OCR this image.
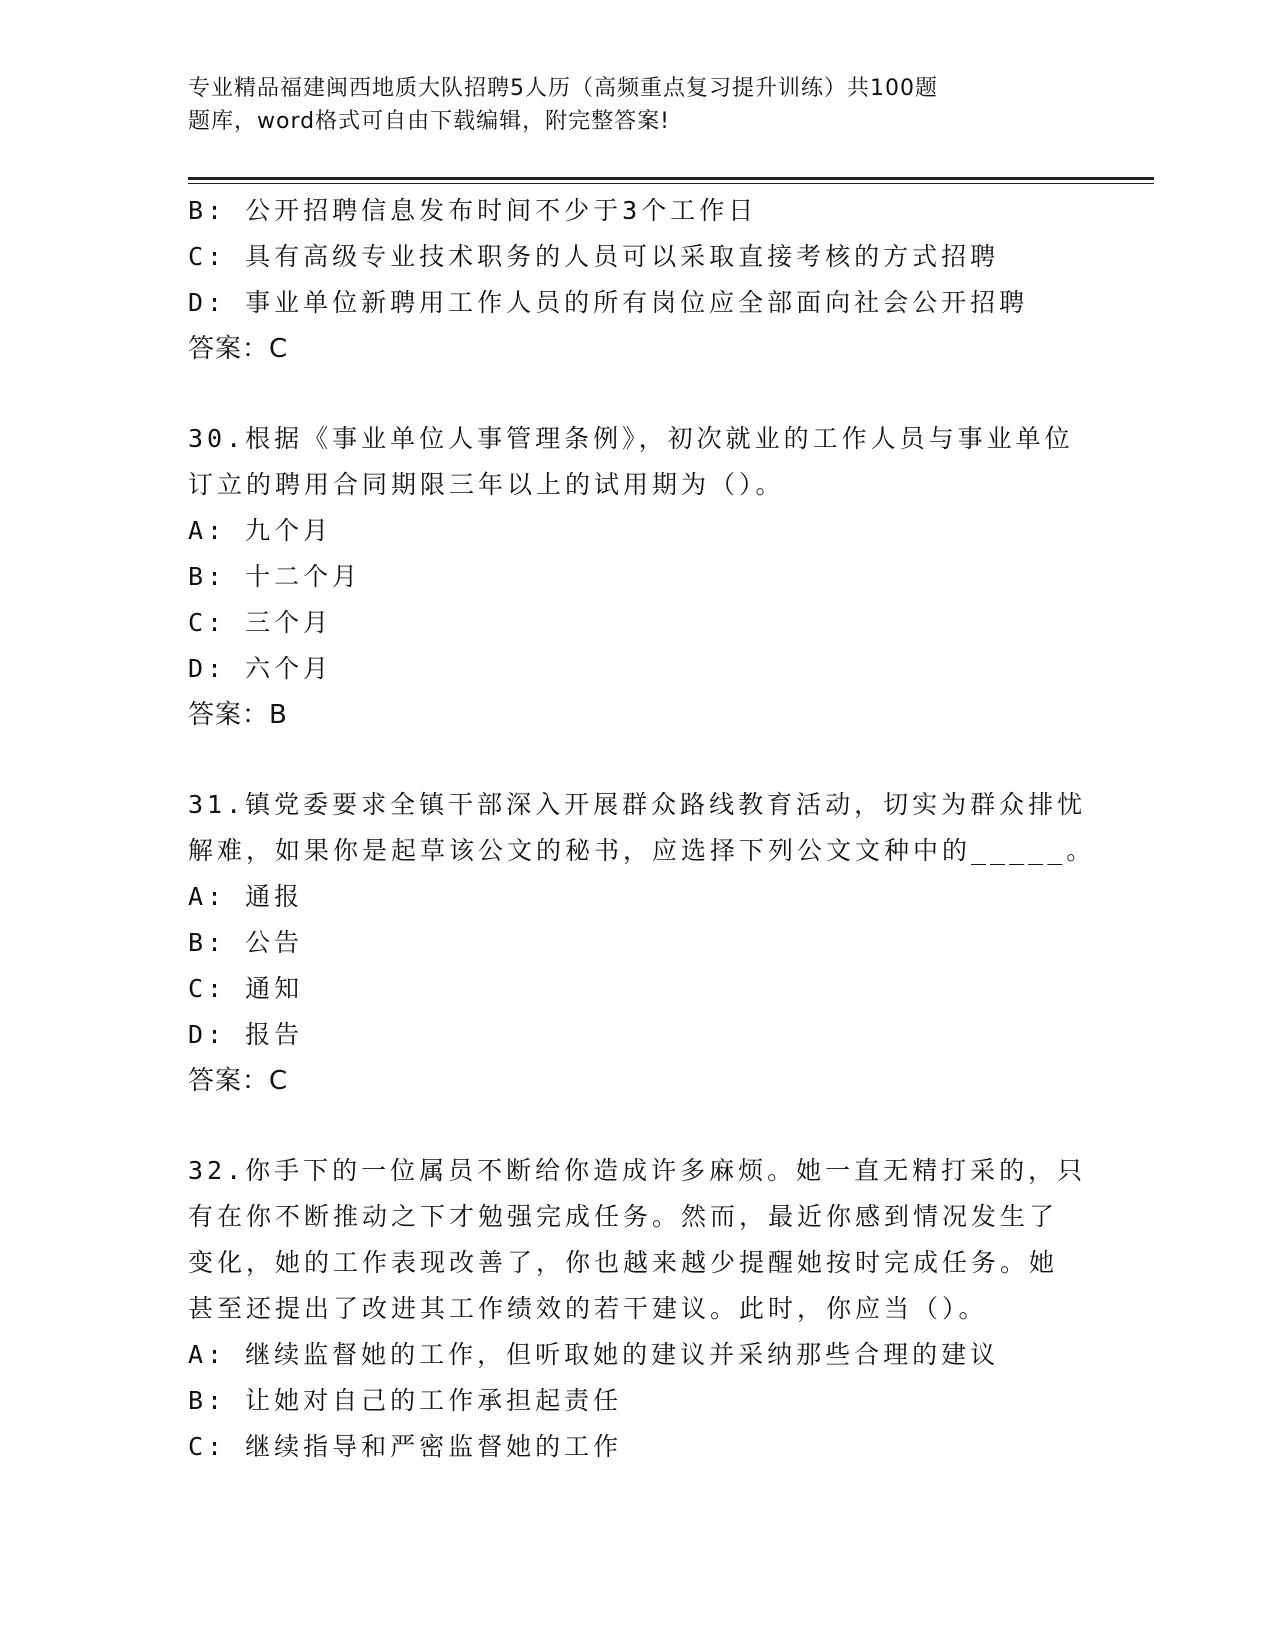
专业精品福建闽西地质大队招聘5人历（高频重点复习提升训练）共100题
题库，word格式可自由下载编辑，附完整答案!
B: 公开招聘信息发布时间不少于3个工作日
C: 具有高级专业技术职务的人员可以采取直接考核的方式招聘
D: 事业单位新聘用工作人员的所有岗位应全部面向社会公开招聘
答案：C
30.根据《事业单位人事管理条例》，初次就业的工作人员与事业单位
订立的聘用合同期限三年以上的试用期为（）。
A: 九个月
B: 十二个月
C: 三个月
D: 六个月
答案：B
31.镇党委要求全镇干部深入开展群众路线教育活动，切实为群众排忧
解难，如果你是起草该公文的秘书，应选择下列公文文种中的_____。
A: 通报
B: 公告
C: 通知
D: 报告
答案：C
32.你手下的一位属员不断给你造成许多麻烦。她一直无精打采的，只
有在你不断推动之下才勉强完成任务。然而，最近你感到情况发生了
变化，她的工作表现改善了，你也越来越少提醒她按时完成任务。她
甚至还提出了改进其工作绩效的若干建议。此时，你应当（）。
A: 继续监督她的工作，但听取她的建议并采纳那些合理的建议
B: 让她对自己的工作承担起责任
C: 继续指导和严密监督她的工作
